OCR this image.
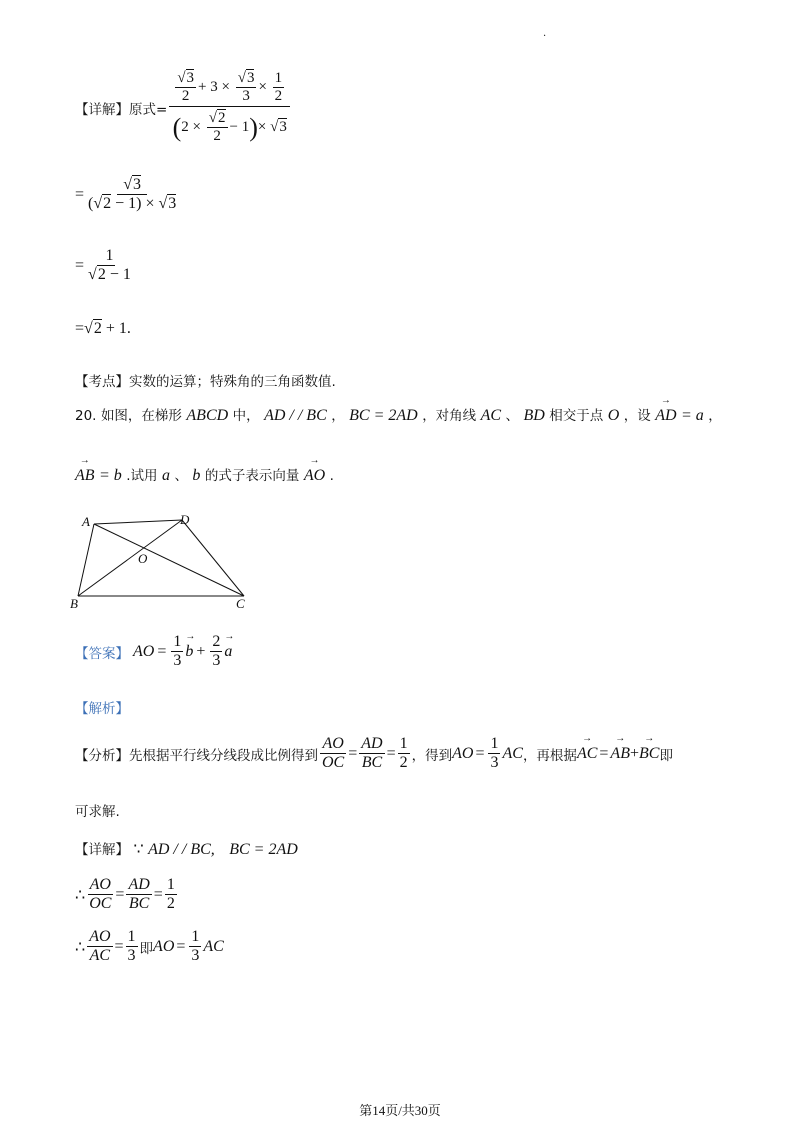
.
【详解】 原式= $\frac{\frac{√3}{2} + 3 \times \frac{√3}{3} \times \frac{1}{2}}{(2 \times \frac{√2}{2} - 1)\times √3}$
= $\frac{√3}{(√2 - 1) \times √3}$
= $\frac{1}{√2 - 1}$
=√2 + 1.
【考点】实数的运算；特殊角的三角函数值.
20. 如图，在梯形 ABCD 中， AD / / BC ， BC = 2AD ，对角线 AC 、 BD 相交于点 O ，设 → AD = a ，
→ AB = b .试用 a 、 b 的式子表示向量 → AO .
A	D
O
B	C
【答案】 AO = $\frac{1}{3}$
→ $b + \frac{2}{3}$
→ a
【解析】
【分析】 先根据平行线分线段成比例得到 $\frac{AO}{OC} = \frac{AD}{BC} = \frac{1}{2}$ ，得到 AO = $\frac{1}{3}$ AC ，再根据
→ AC =
→ AB +
→ BC 即
可求解.
【详解】 ∵ AD / / BC, BC = 2AD
∴ $\frac{AO}{OC} = \frac{AD}{BC} = \frac{1}{2}$
∴ $\frac{AO}{AC} = \frac{1}{3}$ 即 AO = $\frac{1}{3}$ AC
第14页/共30页
